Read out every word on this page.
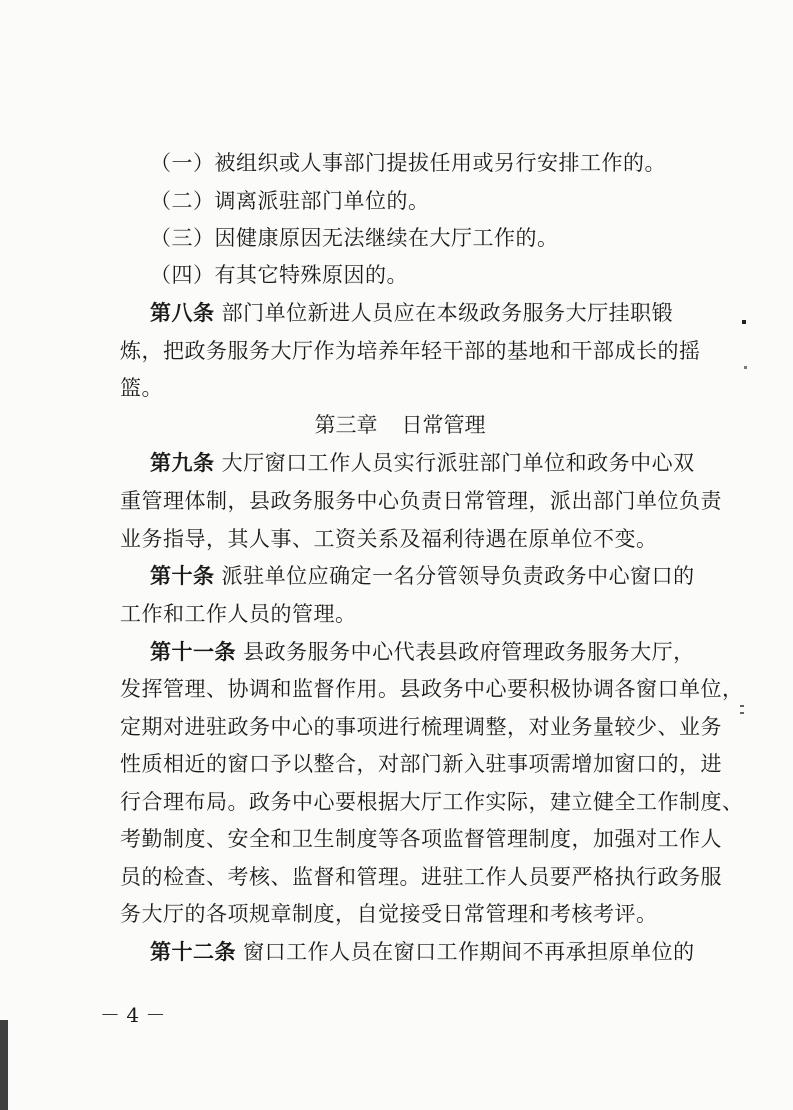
（一）被组织或人事部门提拔任用或另行安排工作的。
（二）调离派驻部门单位的。
（三）因健康原因无法继续在大厅工作的。
（四）有其它特殊原因的。
第八条 部门单位新进人员应在本级政务服务大厅挂职锻
炼，把政务服务大厅作为培养年轻干部的基地和干部成长的摇
篮。
第三章 日常管理
第九条 大厅窗口工作人员实行派驻部门单位和政务中心双
重管理体制，县政务服务中心负责日常管理，派出部门单位负责
业务指导，其人事、工资关系及福利待遇在原单位不变。
第十条 派驻单位应确定一名分管领导负责政务中心窗口的
工作和工作人员的管理。
第十一条 县政务服务中心代表县政府管理政务服务大厅，
发挥管理、协调和监督作用。县政务中心要积极协调各窗口单位，
定期对进驻政务中心的事项进行梳理调整，对业务量较少、业务
性质相近的窗口予以整合，对部门新入驻事项需增加窗口的，进
行合理布局。政务中心要根据大厅工作实际，建立健全工作制度、
考勤制度、安全和卫生制度等各项监督管理制度，加强对工作人
员的检查、考核、监督和管理。进驻工作人员要严格执行政务服
务大厅的各项规章制度，自觉接受日常管理和考核考评。
第十二条 窗口工作人员在窗口工作期间不再承担原单位的
－ 4 －
